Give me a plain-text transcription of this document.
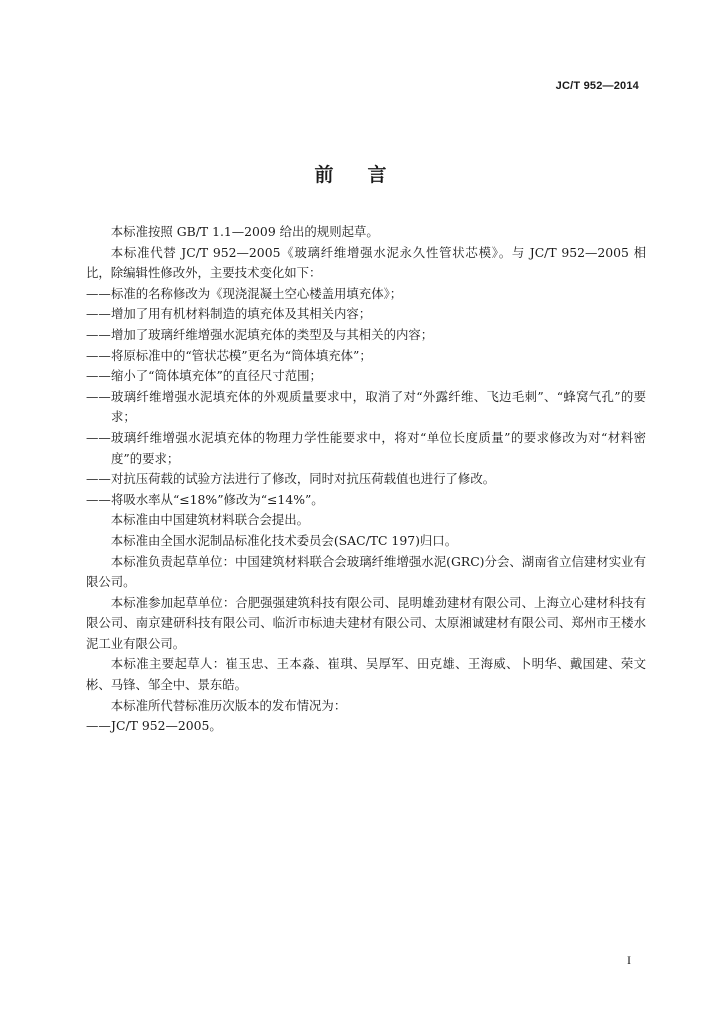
JC/T 952—2014
前言

本标准按照 GB/T 1.1—2009 给出的规则起草。

本标准代替 JC/T 952—2005《玻璃纤维增强水泥永久性管状芯模》。与 JC/T 952—2005 相比，除编辑性修改外，主要技术变化如下：

—— 标准的名称修改为《现浇混凝土空心楼盖用填充体》；

—— 增加了用有机材料制造的填充体及其相关内容；

—— 增加了玻璃纤维增强水泥填充体的类型及与其相关的内容；

—— 将原标准中的“管状芯模”更名为“筒体填充体”；

—— 缩小了“筒体填充体”的直径尺寸范围；

—— 玻璃纤维增强水泥填充体的外观质量要求中，取消了对“外露纤维、飞边毛刺”、“蜂窝气孔”的要求；

—— 玻璃纤维增强水泥填充体的物理力学性能要求中，将对“单位长度质量”的要求修改为对“材料密度”的要求；

—— 对抗压荷载的试验方法进行了修改，同时对抗压荷载值也进行了修改。

—— 将吸水率从“≤18%”修改为“≤14%”。

本标准由中国建筑材料联合会提出。

本标准由全国水泥制品标准化技术委员会(SAC/TC 197)归口。

本标准负责起草单位：中国建筑材料联合会玻璃纤维增强水泥(GRC)分会、湖南省立信建材实业有限公司。

本标准参加起草单位：合肥强强建筑科技有限公司、昆明雄劲建材有限公司、上海立心建材科技有限公司、南京建研科技有限公司、临沂市标迪夫建材有限公司、太原湘诚建材有限公司、郑州市王楼水泥工业有限公司。

本标准主要起草人：崔玉忠、王本淼、崔琪、吴厚军、田克雄、王海威、卜明华、戴国建、荣文彬、马锋、邹全中、景东皓。

本标准所代替标准历次版本的发布情况为：

—— JC/T 952—2005。

I
